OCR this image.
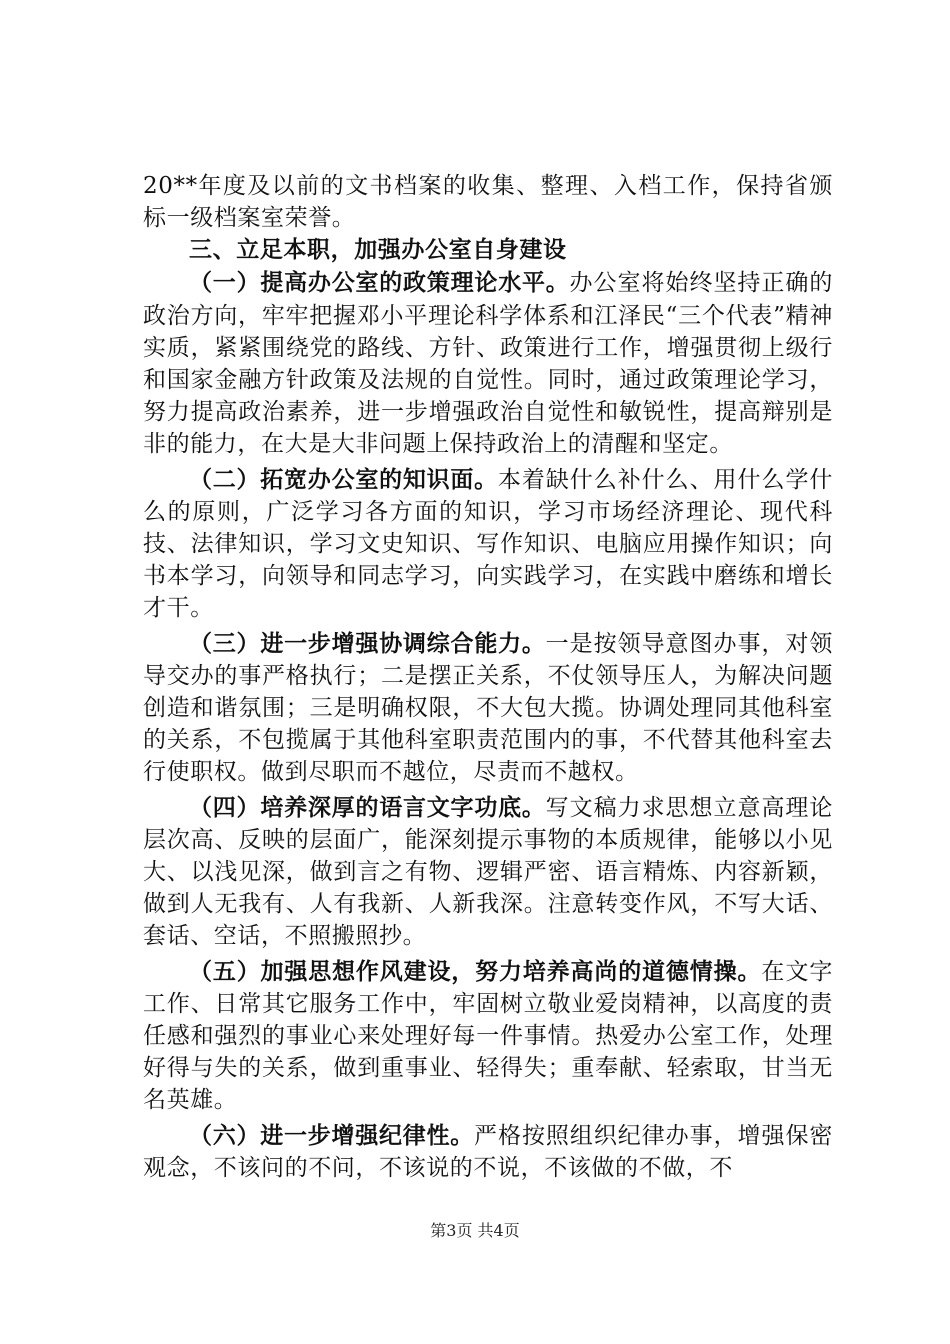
20**年度及以前的文书档案的收集、整理、入档工作，保持省颁标一级档案室荣誉。

三、立足本职，加强办公室自身建设

（一）提高办公室的政策理论水平。办公室将始终坚持正确的政治方向，牢牢把握邓小平理论科学体系和江泽民“三个代表”精神实质，紧紧围绕党的路线、方针、政策进行工作，增强贯彻上级行和国家金融方针政策及法规的自觉性。同时，通过政策理论学习，努力提高政治素养，进一步增强政治自觉性和敏锐性，提高辩别是非的能力，在大是大非问题上保持政治上的清醒和坚定。

（二）拓宽办公室的知识面。本着缺什么补什么、用什么学什么的原则，广泛学习各方面的知识，学习市场经济理论、现代科技、法律知识，学习文史知识、写作知识、电脑应用操作知识；向书本学习，向领导和同志学习，向实践学习，在实践中磨练和增长才干。

（三）进一步增强协调综合能力。一是按领导意图办事，对领导交办的事严格执行；二是摆正关系，不仗领导压人，为解决问题创造和谐氛围；三是明确权限，不大包大揽。协调处理同其他科室的关系，不包揽属于其他科室职责范围内的事，不代替其他科室去行使职权。做到尽职而不越位，尽责而不越权。

（四）培养深厚的语言文字功底。写文稿力求思想立意高理论层次高、反映的层面广，能深刻提示事物的本质规律，能够以小见大、以浅见深，做到言之有物、逻辑严密、语言精炼、内容新颖，做到人无我有、人有我新、人新我深。注意转变作风，不写大话、套话、空话，不照搬照抄。

（五）加强思想作风建设，努力培养高尚的道德情操。在文字工作、日常其它服务工作中，牢固树立敬业爱岗精神，以高度的责任感和强烈的事业心来处理好每一件事情。热爱办公室工作，处理好得与失的关系，做到重事业、轻得失；重奉献、轻索取，甘当无名英雄。

（六）进一步增强纪律性。严格按照组织纪律办事，增强保密观念，不该问的不问，不该说的不说，不该做的不做，不

第3页 共4页
